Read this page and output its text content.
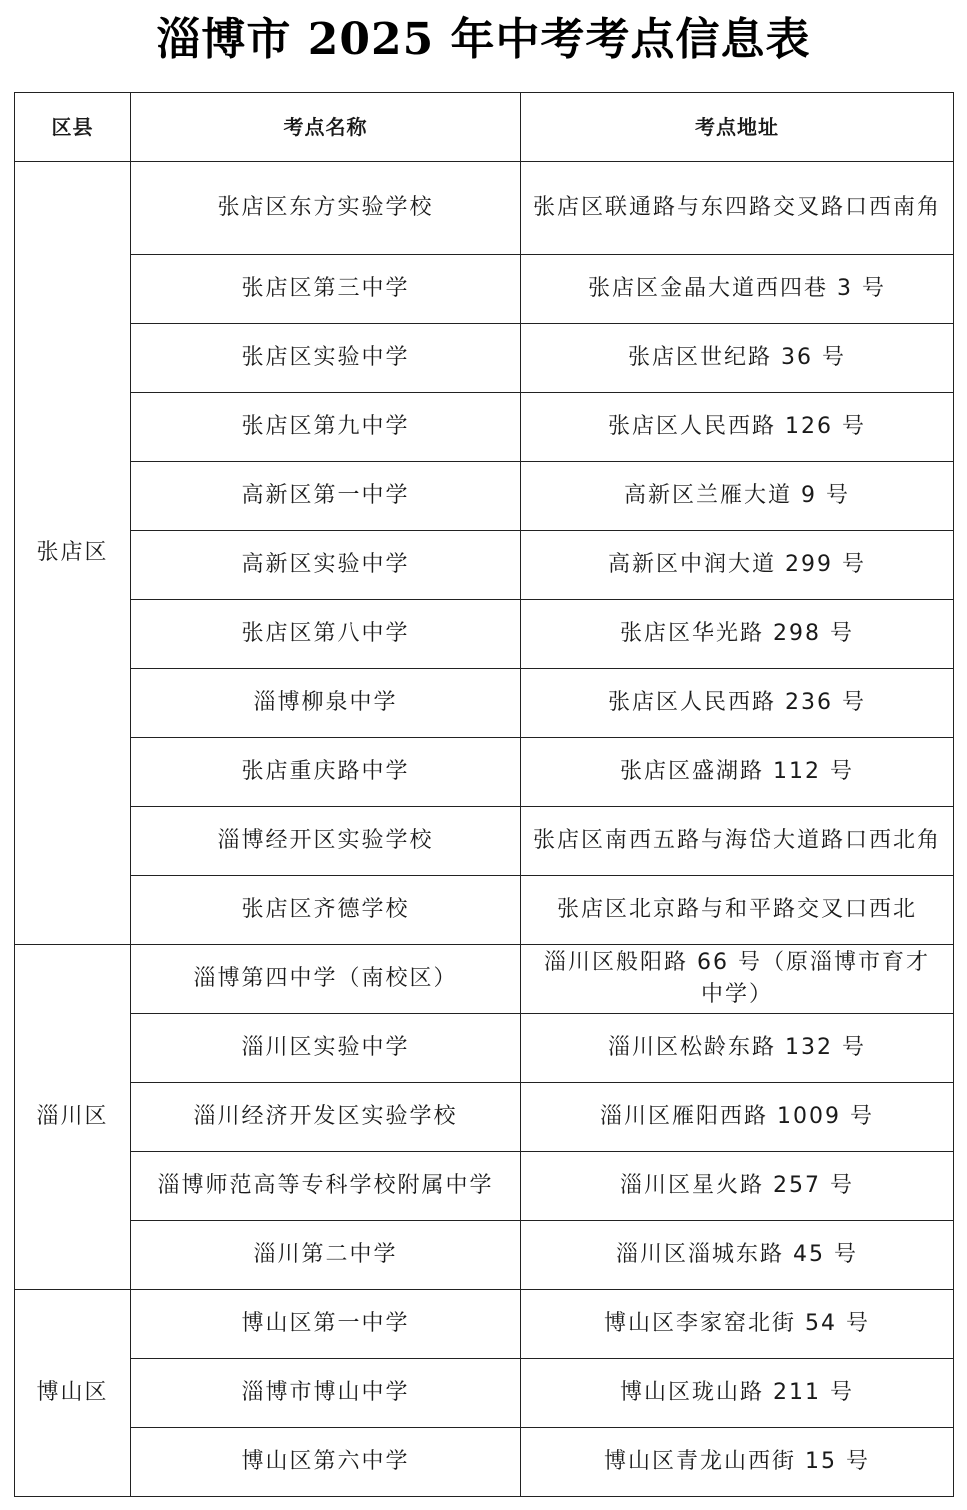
淄博市 2025 年中考考点信息表
区县	考点名称	考点地址
张店区	张店区东方实验学校	张店区联通路与东四路交叉路口西南角
	张店区第三中学	张店区金晶大道西四巷 3 号
	张店区实验中学	张店区世纪路 36 号
	张店区第九中学	张店区人民西路 126 号
	高新区第一中学	高新区兰雁大道 9 号
	高新区实验中学	高新区中润大道 299 号
	张店区第八中学	张店区华光路 298 号
	淄博柳泉中学	张店区人民西路 236 号
	张店重庆路中学	张店区盛湖路 112 号
	淄博经开区实验学校	张店区南西五路与海岱大道路口西北角
	张店区齐德学校	张店区北京路与和平路交叉口西北
淄川区	淄博第四中学（南校区）	淄川区般阳路 66 号（原淄博市育才中学）
	淄川区实验中学	淄川区松龄东路 132 号
	淄川经济开发区实验学校	淄川区雁阳西路 1009 号
	淄博师范高等专科学校附属中学	淄川区星火路 257 号
	淄川第二中学	淄川区淄城东路 45 号
博山区	博山区第一中学	博山区李家窑北街 54 号
	淄博市博山中学	博山区珑山路 211 号
	博山区第六中学	博山区青龙山西街 15 号
